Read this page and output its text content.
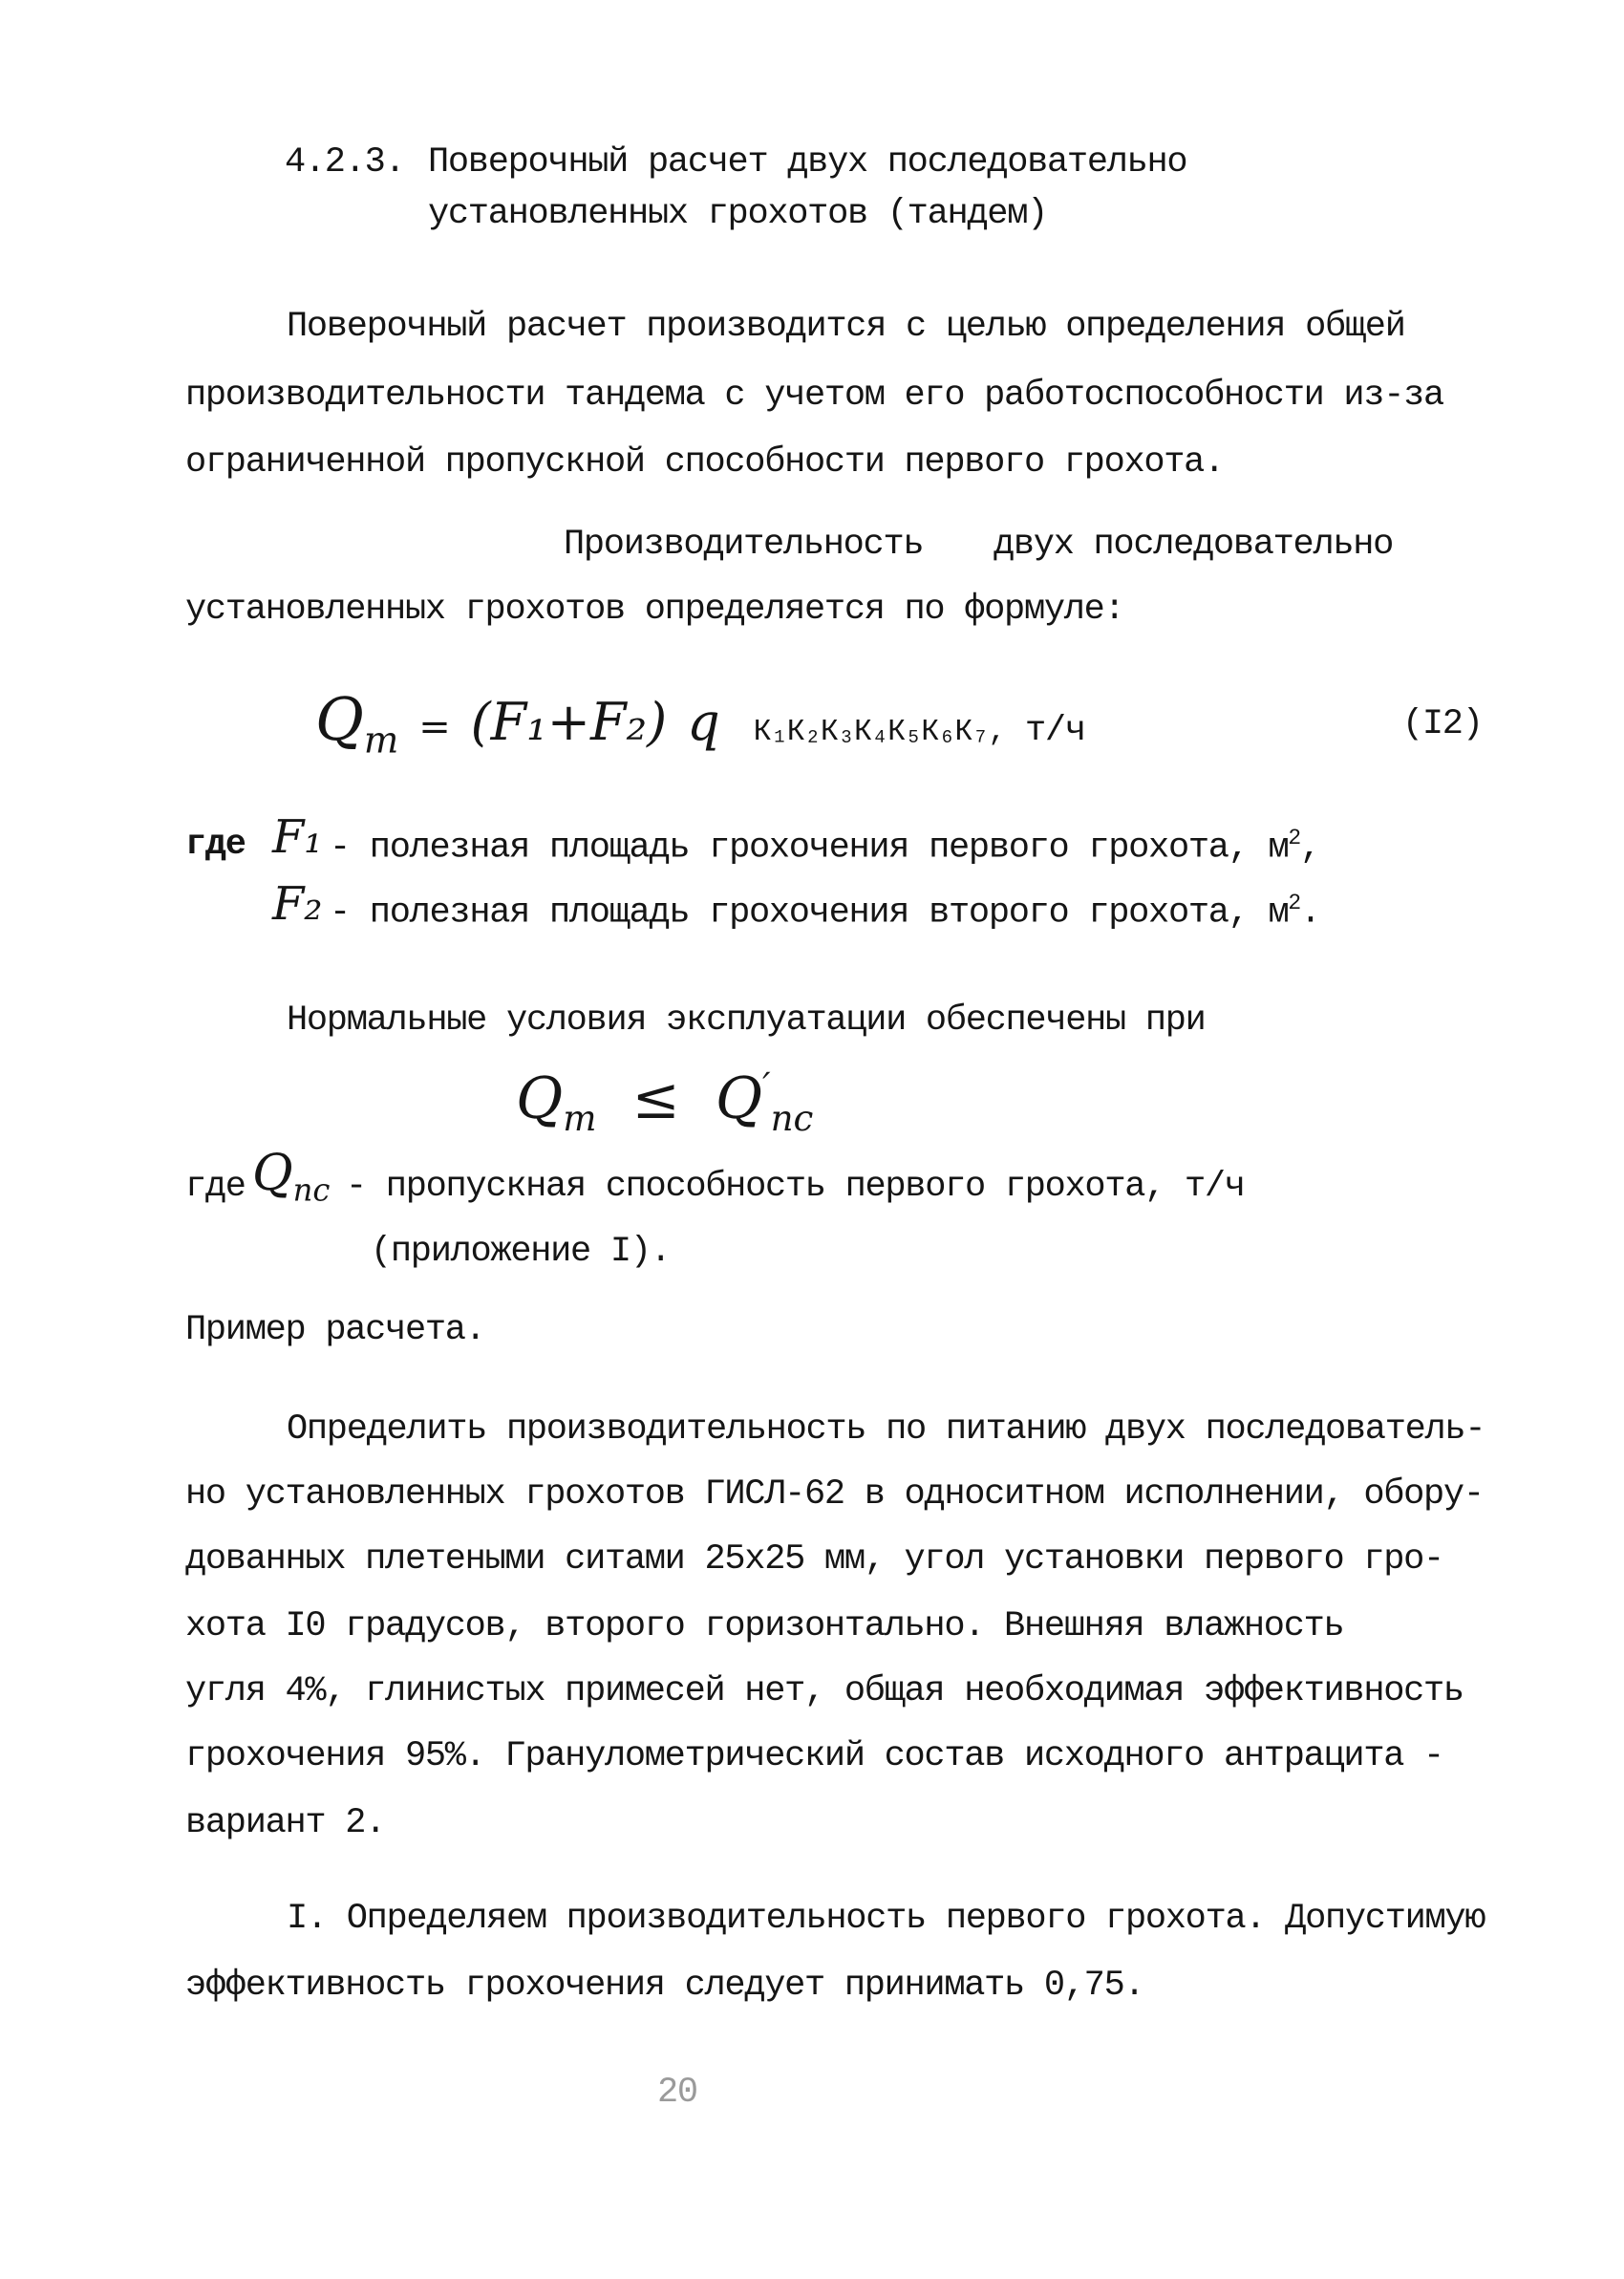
4.2.3. Поверочный расчет двух последовательно
установленных грохотов (тандем)
Поверочный расчет производится с целью определения общей
производительности тандема с учетом его работоспособности из-за
ограниченной пропускной способности первого грохота.
Производительность двух последовательно
установленных грохотов определяется по формуле:
$Q_т = (F_1+F_2)$ q К₁К₂К₃К₄К₅К₆К₇, т/ч	(I2)
где F₁ - полезная площадь грохочения первого грохота, $м^2$,
F₂ - полезная площадь грохочения второго грохота, $м^2$.
Нормальные условия эксплуатации обеспечены при
$Q_т \le Q'_{пс}$
где $Q_{пс}$ - пропускная способность первого грохота, т/ч
(приложение I).
Пример расчета.
Определить производительность по питанию двух последователь-
но установленных грохотов ГИСЛ-62 в односитном исполнении, обору-
дованных плетеными ситами 25х25 мм, угол установки первого гро-
хота I0 градусов, второго горизонтально. Внешняя влажность
угля 4%, глинистых примесей нет, общая необходимая эффективность
грохочения 95%. Гранулометрический состав исходного антрацита -
вариант 2.
I. Определяем производительность первого грохота. Допустимую
эффективность грохочения следует принимать 0,75.
20
